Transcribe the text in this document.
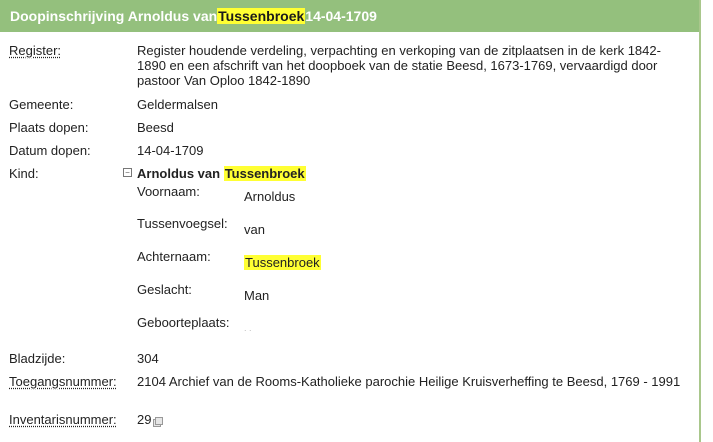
Doopinschrijving Arnoldus van Tussenbroek 14-04-1709
Register:	Register houdende verdeling, verpachting en verkoping van de zitplaatsen in de kerk 1842-1890 en een afschrift van het doopboek van de statie Beesd, 1673-1769, vervaardigd door pastoor Van Oploo 1842-1890
Gemeente:	Geldermalsen
Plaats dopen:	Beesd
Datum dopen:	14-04-1709
Kind:	− Arnoldus van Tussenbroek
Voornaam:	Arnoldus
Tussenvoegsel: van
Achternaam:	Tussenbroek
Geslacht:	Man
Geboorteplaats: . .
Bladzijde:	304
Toegangsnummer: 2104 Archief van de Rooms-Katholieke parochie Heilige Kruisverheffing te Beesd, 1769 - 1991
Inventarisnummer: 29
